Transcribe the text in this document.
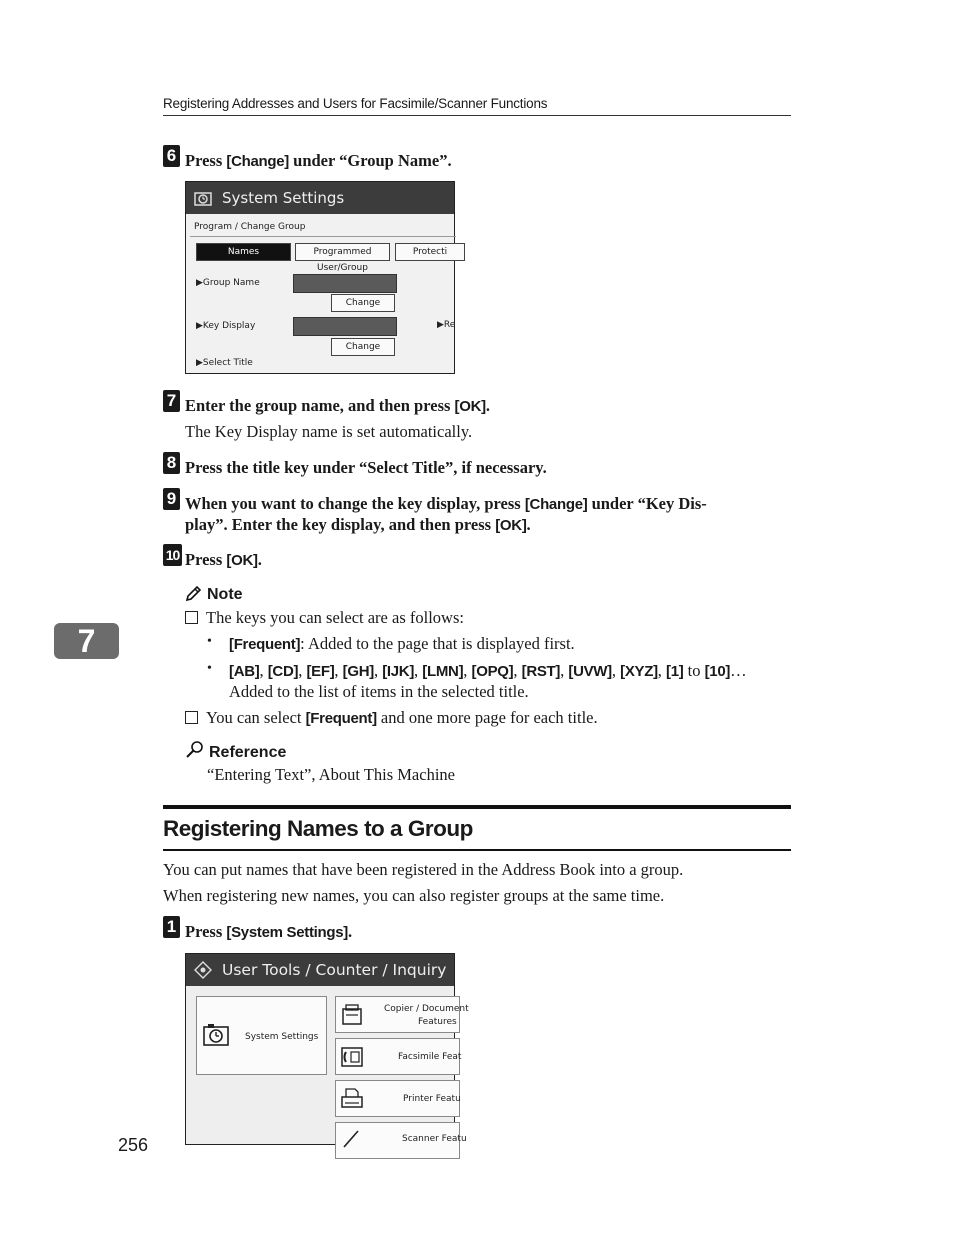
Registering Addresses and Users for Facsimile/Scanner Functions
6 Press [Change] under “Group Name”.
System Settings
Program / Change Group
Names	Programmed User/Group
Protecti
▶Group Name
Change
▶Key Display	▶Re
Change
▶Select Title
7 Enter the group name, and then press [OK].
The Key Display name is set automatically.
8 Press the title key under “Select Title”, if necessary.
9 When you want to change the key display, press [Change] under “Key Dis-
play”. Enter the key display, and then press [OK].
10 Press [OK].
7
Note
The keys you can select are as follows:
• [Frequent]: Added to the page that is displayed first.
• [AB], [CD], [EF], [GH], [IJK], [LMN], [OPQ], [RST], [UVW], [XYZ], [1] to [10]…
Added to the list of items in the selected title.
You can select [Frequent] and one more page for each title.
Reference
“Entering Text”, About This Machine
Registering Names to a Group
You can put names that have been registered in the Address Book into a group.
When registering new names, you can also register groups at the same time.
1 Press [System Settings].
User Tools / Counter / Inquiry
System Settings
Copier / Document
Features
Facsimile Feat
Printer Featu
Scanner Featu
256
